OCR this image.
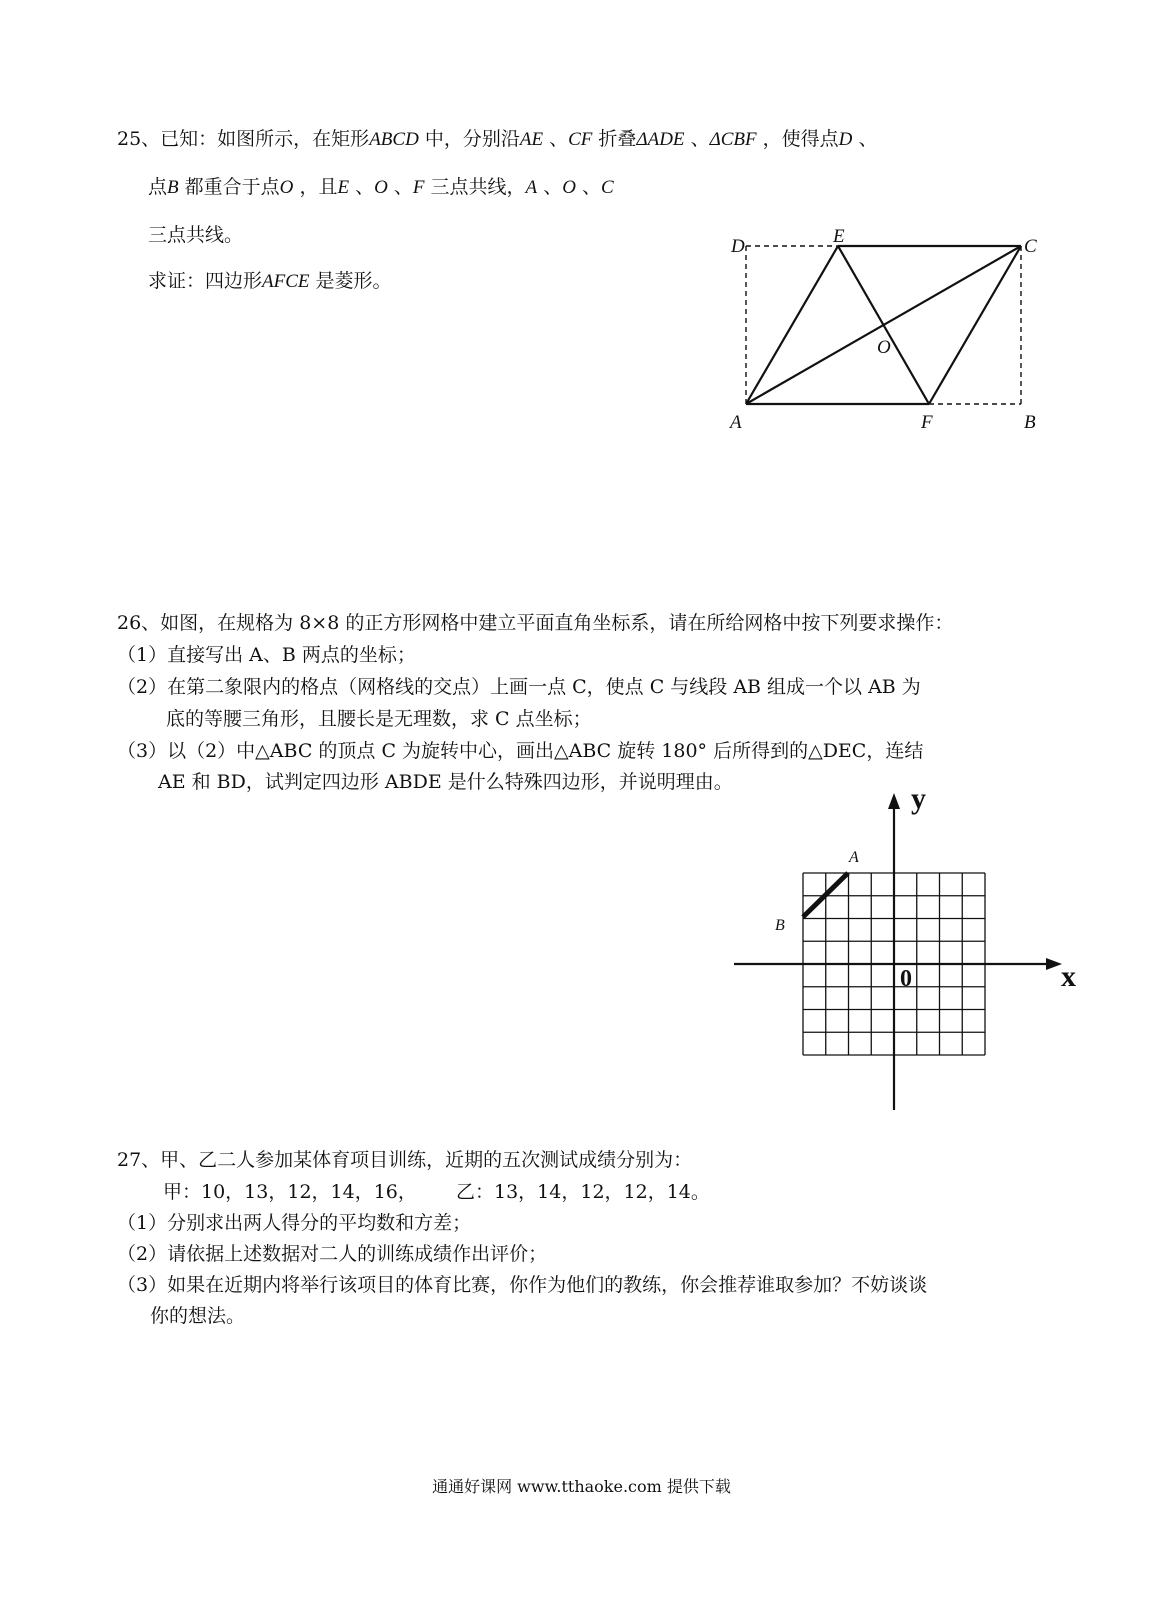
25、已知：如图所示，在矩形ABCD 中，分别沿AE 、CF 折叠ΔADE 、ΔCBF ，使得点D 、
点B 都重合于点O ，且E 、O 、F 三点共线，A 、O 、C
三点共线。
求证：四边形AFCE 是菱形。
D	E	C
O
A	F	B
26、如图，在规格为 8×8 的正方形网格中建立平面直角坐标系，请在所给网格中按下列要求操作：
（1）直接写出 A、B 两点的坐标；
（2）在第二象限内的格点（网格线的交点）上画一点 C，使点 C 与线段 AB 组成一个以 AB 为
底的等腰三角形，且腰长是无理数，求 C 点坐标；
（3）以（2）中△ABC 的顶点 C 为旋转中心，画出△ABC 旋转 180° 后所得到的△DEC，连结
AE 和 BD，试判定四边形 ABDE 是什么特殊四边形，并说明理由。
x
y
0
A
B
27、甲、乙二人参加某体育项目训练，近期的五次测试成绩分别为：
甲：10，13，12，14，16， 乙：13，14，12，12，14。
（1）分别求出两人得分的平均数和方差；
（2）请依据上述数据对二人的训练成绩作出评价；
（3）如果在近期内将举行该项目的体育比赛，你作为他们的教练，你会推荐谁取参加？不妨谈谈
你的想法。
通通好课网 www.tthaoke.com 提供下载
